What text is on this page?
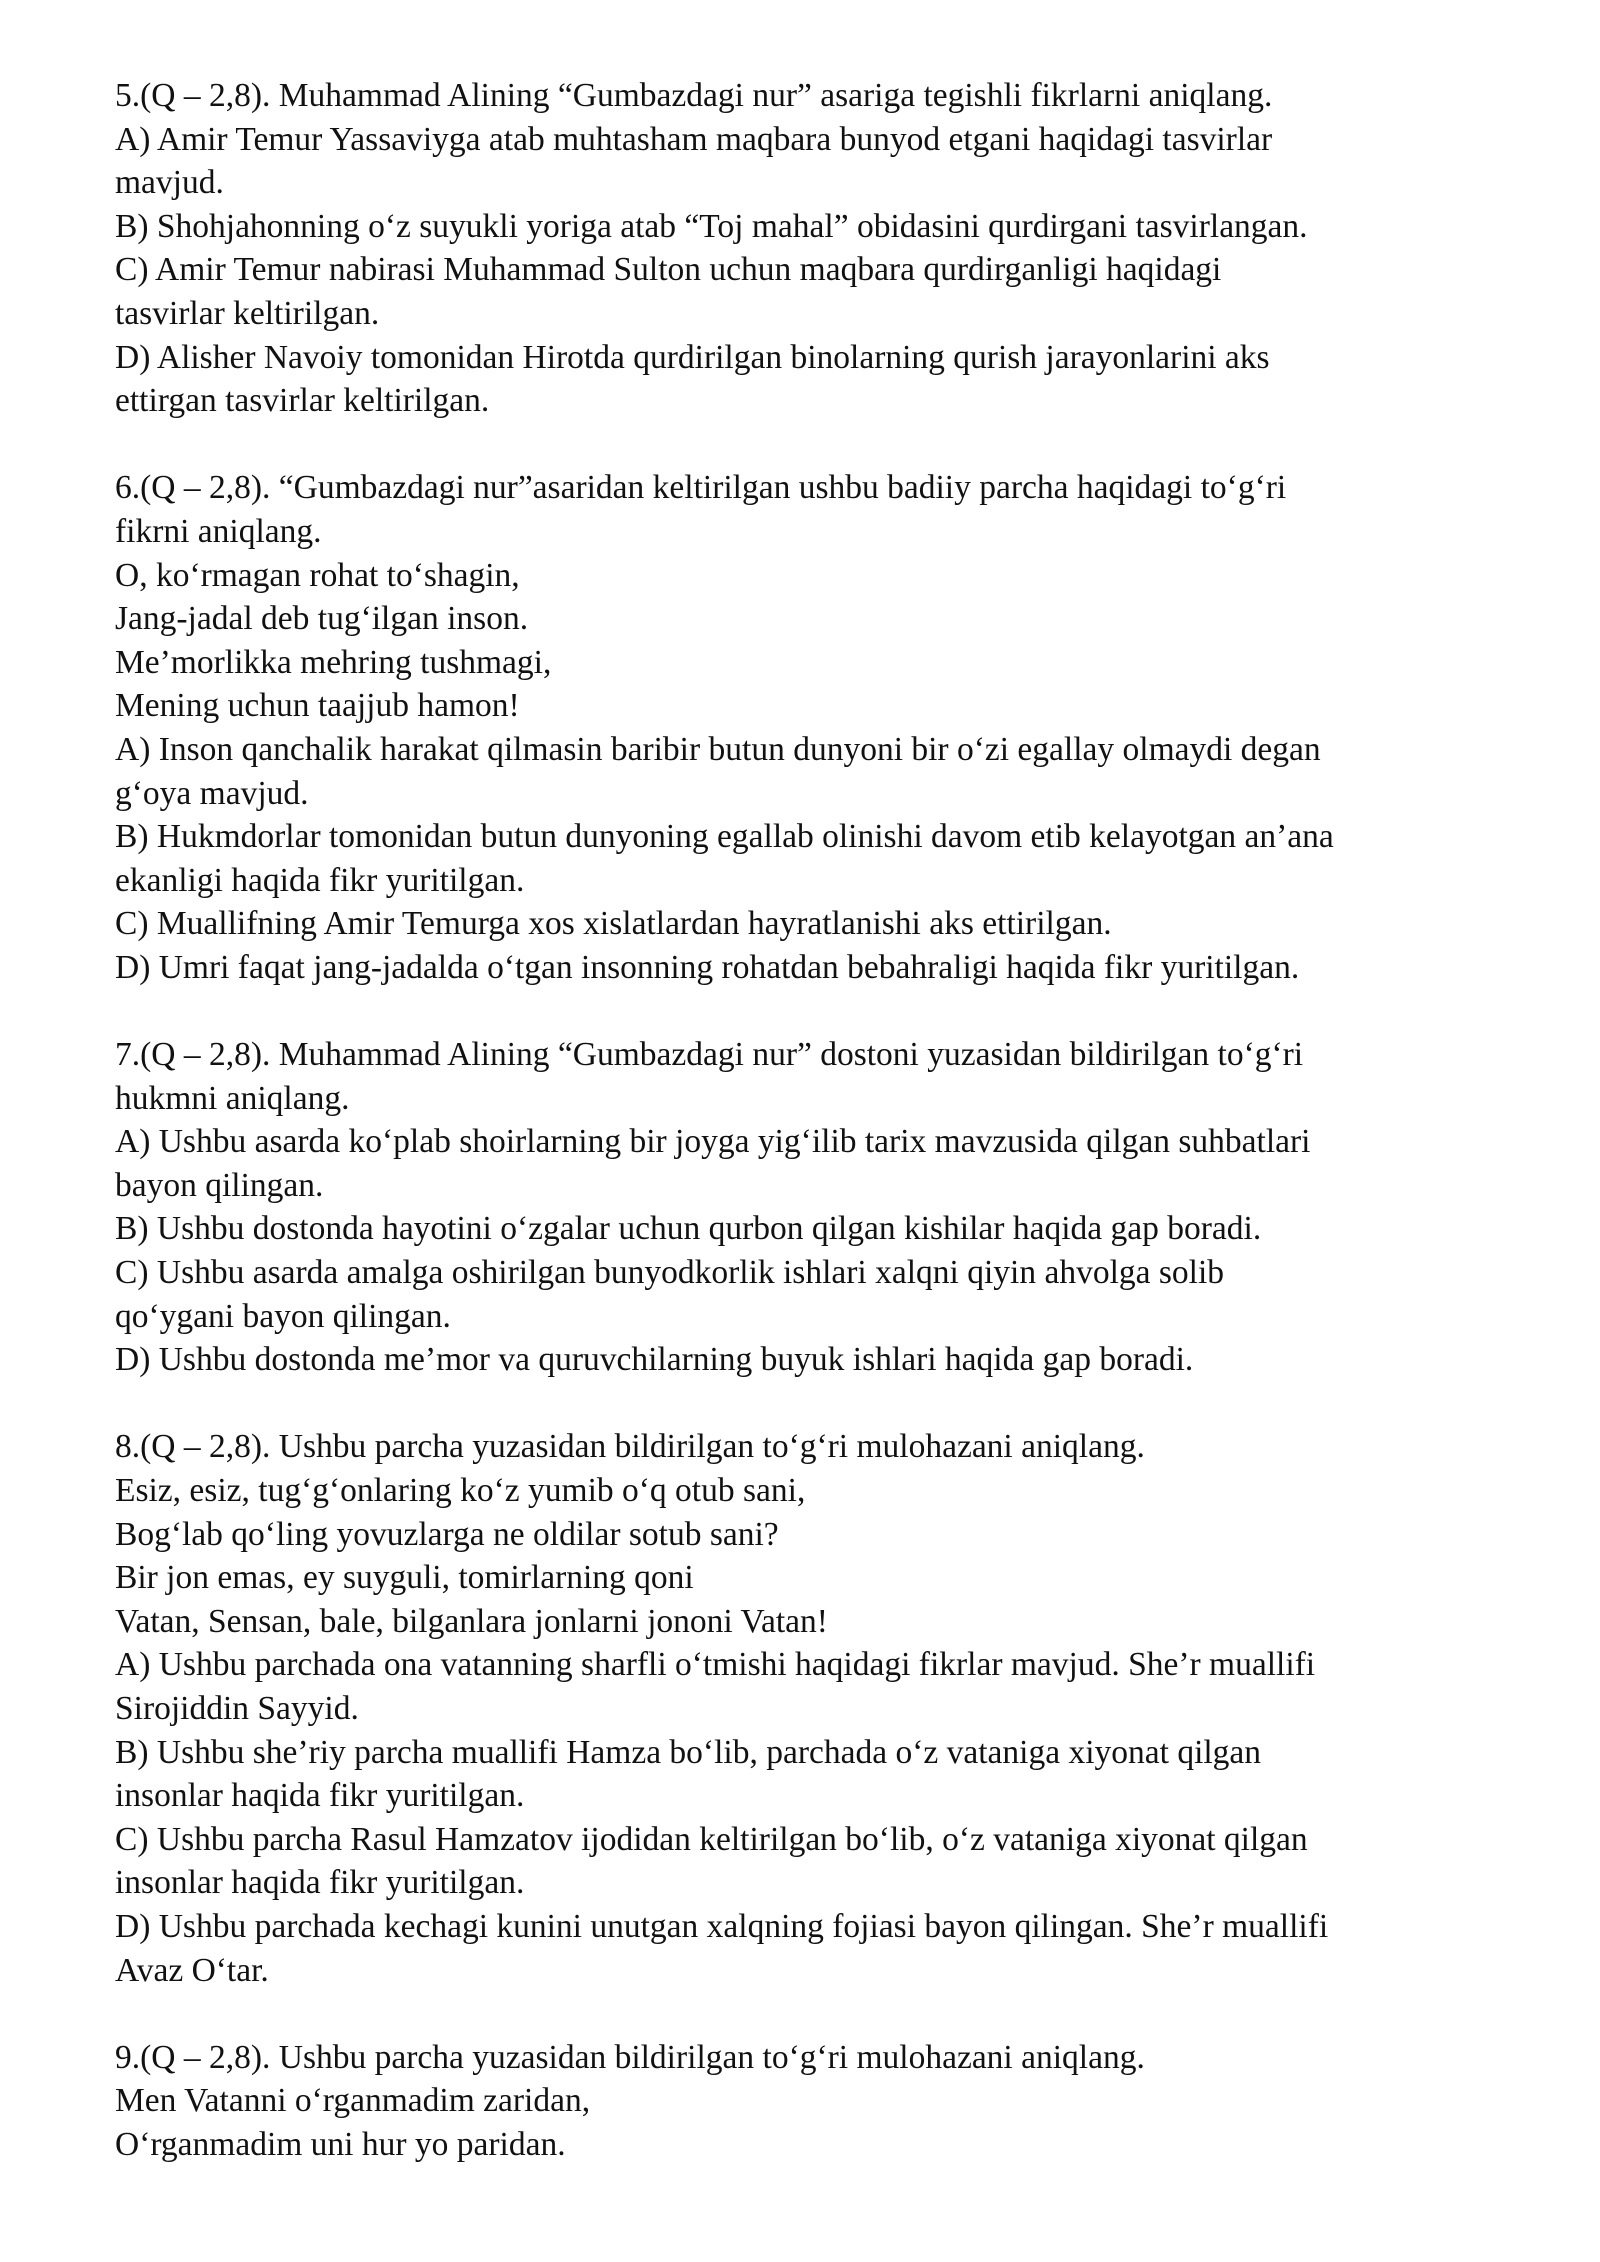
5.(Q – 2,8). Muhammad Alining “Gumbazdagi nur” asariga tegishli fikrlarni aniqlang.
A) Amir Temur Yassaviyga atab muhtasham maqbara bunyod etgani haqidagi tasvirlar
mavjud.
B) Shohjahonning o‘z suyukli yoriga atab “Toj mahal” obidasini qurdirgani tasvirlangan.
C) Amir Temur nabirasi Muhammad Sulton uchun maqbara qurdirganligi haqidagi
tasvirlar keltirilgan.
D) Alisher Navoiy tomonidan Hirotda qurdirilgan binolarning qurish jarayonlarini aks
ettirgan tasvirlar keltirilgan.
6.(Q – 2,8). “Gumbazdagi nur”asaridan keltirilgan ushbu badiiy parcha haqidagi to‘g‘ri
fikrni aniqlang.
O, ko‘rmagan rohat to‘shagin,
Jang-jadal deb tug‘ilgan inson.
Me’morlikka mehring tushmagi,
Mening uchun taajjub hamon!
A) Inson qanchalik harakat qilmasin baribir butun dunyoni bir o‘zi egallay olmaydi degan
g‘oya mavjud.
B) Hukmdorlar tomonidan butun dunyoning egallab olinishi davom etib kelayotgan an’ana
ekanligi haqida fikr yuritilgan.
C) Muallifning Amir Temurga xos xislatlardan hayratlanishi aks ettirilgan.
D) Umri faqat jang-jadalda o‘tgan insonning rohatdan bebahraligi haqida fikr yuritilgan.
7.(Q – 2,8). Muhammad Alining “Gumbazdagi nur” dostoni yuzasidan bildirilgan to‘g‘ri
hukmni aniqlang.
A) Ushbu asarda ko‘plab shoirlarning bir joyga yig‘ilib tarix mavzusida qilgan suhbatlari
bayon qilingan.
B) Ushbu dostonda hayotini o‘zgalar uchun qurbon qilgan kishilar haqida gap boradi.
C) Ushbu asarda amalga oshirilgan bunyodkorlik ishlari xalqni qiyin ahvolga solib
qo‘ygani bayon qilingan.
D) Ushbu dostonda me’mor va quruvchilarning buyuk ishlari haqida gap boradi.
8.(Q – 2,8). Ushbu parcha yuzasidan bildirilgan to‘g‘ri mulohazani aniqlang.
Esiz, esiz, tug‘g‘onlaring ko‘z yumib o‘q otub sani,
Bog‘lab qo‘ling yovuzlarga ne oldilar sotub sani?
Bir jon emas, ey suyguli, tomirlarning qoni
Vatan, Sensan, bale, bilganlara jonlarni jononi Vatan!
A) Ushbu parchada ona vatanning sharfli o‘tmishi haqidagi fikrlar mavjud. She’r muallifi
Sirojiddin Sayyid.
B) Ushbu she’riy parcha muallifi Hamza bo‘lib, parchada o‘z vataniga xiyonat qilgan
insonlar haqida fikr yuritilgan.
C) Ushbu parcha Rasul Hamzatov ijodidan keltirilgan bo‘lib, o‘z vataniga xiyonat qilgan
insonlar haqida fikr yuritilgan.
D) Ushbu parchada kechagi kunini unutgan xalqning fojiasi bayon qilingan. She’r muallifi
Avaz O‘tar.
9.(Q – 2,8). Ushbu parcha yuzasidan bildirilgan to‘g‘ri mulohazani aniqlang.
Men Vatanni o‘rganmadim zaridan,
O‘rganmadim uni hur yo paridan.
